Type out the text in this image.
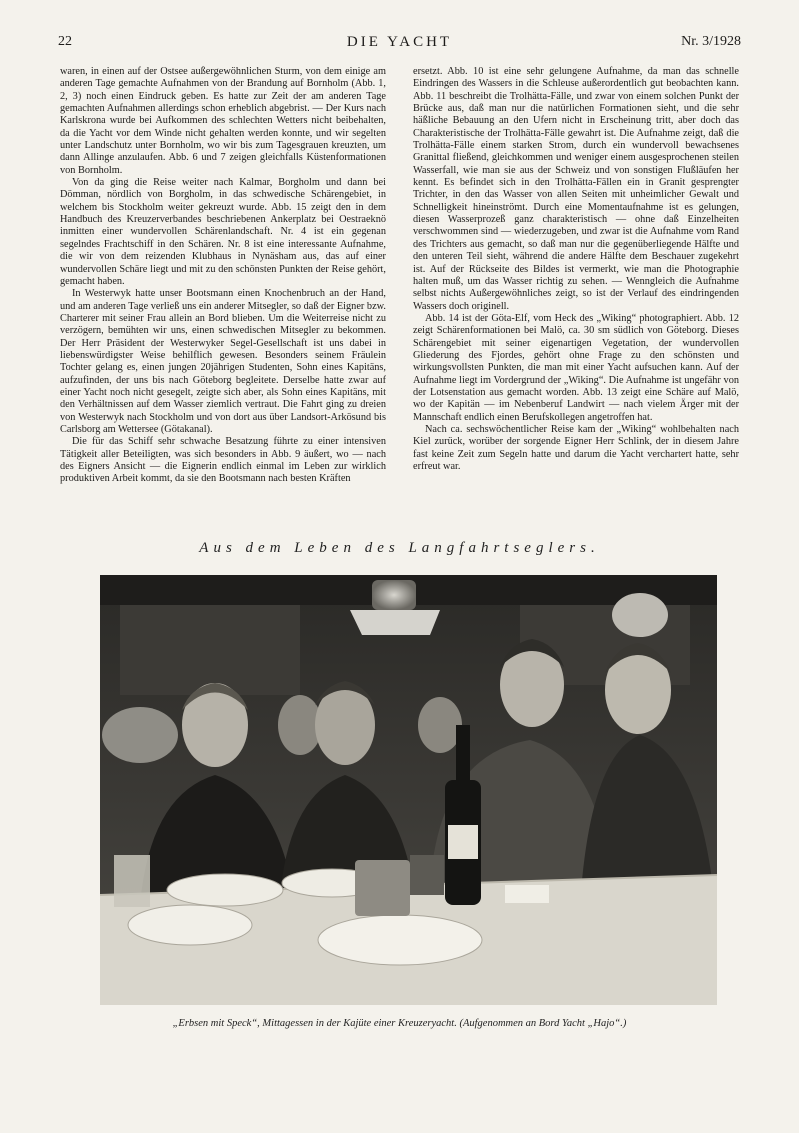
22	DIE YACHT	Nr. 3/1928

waren, in einen auf der Ostsee außergewöhnlichen Sturm, von dem einige am anderen Tage gemachte Aufnahmen von der Brandung auf Bornholm (Abb. 1, 2, 3) noch einen Eindruck geben. Es hatte zur Zeit der am anderen Tage gemachten Aufnahmen allerdings schon erheblich abgebrist. — Der Kurs nach Karlskrona wurde bei Aufkommen des schlechten Wetters nicht beibehalten, da die Yacht vor dem Winde nicht gehalten werden konnte, und wir segelten unter Landschutz unter Bornholm, wo wir bis zum Tagesgrauen kreuzten, um dann Allinge anzulaufen. Abb. 6 und 7 zeigen gleichfalls Küstenformationen von Bornholm.

Von da ging die Reise weiter nach Kalmar, Borgholm und dann bei Dömman, nördlich von Borgholm, in das schwedische Schärengebiet, in welchem bis Stockholm weiter gekreuzt wurde. Abb. 15 zeigt den in dem Handbuch des Kreuzerverbandes beschriebenen Ankerplatz bei Oestraeknö inmitten einer wundervollen Schärenlandschaft. Nr. 4 ist ein gegenan segelndes Frachtschiff in den Schären. Nr. 8 ist eine interessante Aufnahme, die wir von dem reizenden Klubhaus in Nynäsham aus, das auf einer wundervollen Schäre liegt und mit zu den schönsten Punkten der Reise gehört, gemacht haben.

In Westerwyk hatte unser Bootsmann einen Knochenbruch an der Hand, und am anderen Tage verließ uns ein anderer Mitsegler, so daß der Eigner bzw. Charterer mit seiner Frau allein an Bord blieben. Um die Weiterreise nicht zu verzögern, bemühten wir uns, einen schwedischen Mitsegler zu bekommen. Der Herr Präsident der Westerwyker Segel-Gesellschaft ist uns dabei in liebenswürdigster Weise behilflich gewesen. Besonders seinem Fräulein Tochter gelang es, einen jungen 20jährigen Studenten, Sohn eines Kapitäns, aufzufinden, der uns bis nach Göteborg begleitete. Derselbe hatte zwar auf einer Yacht noch nicht gesegelt, zeigte sich aber, als Sohn eines Kapitäns, mit den Verhältnissen auf dem Wasser ziemlich vertraut. Die Fahrt ging zu dreien von Westerwyk nach Stockholm und von dort aus über Landsort-Arkösund bis Carlsborg am Wettersee (Götakanal).

Die für das Schiff sehr schwache Besatzung führte zu einer intensiven Tätigkeit aller Beteiligten, was sich besonders in Abb. 9 äußert, wo — nach des Eigners Ansicht — die Eignerin endlich einmal im Leben zur wirklich produktiven Arbeit kommt, da sie den Bootsmann nach besten Kräften

ersetzt. Abb. 10 ist eine sehr gelungene Aufnahme, da man das schnelle Eindringen des Wassers in die Schleuse außerordentlich gut beobachten kann. Abb. 11 beschreibt die Trolhätta-Fälle, und zwar von einem solchen Punkt der Brücke aus, daß man nur die natürlichen Formationen sieht, und die sehr häßliche Bebauung an den Ufern nicht in Erscheinung tritt, aber doch das Charakteristische der Trolhätta-Fälle gewahrt ist. Die Aufnahme zeigt, daß die Trolhätta-Fälle einem starken Strom, durch ein wundervoll bewachsenes Granittal fließend, gleichkommen und weniger einem ausgesprochenen steilen Wasserfall, wie man sie aus der Schweiz und von sonstigen Flußläufen her kennt. Es befindet sich in den Trolhätta-Fällen ein in Granit gesprengter Trichter, in den das Wasser von allen Seiten mit unheimlicher Gewalt und Schnelligkeit hineinströmt. Durch eine Momentaufnahme ist es gelungen, diesen Wasserprozeß ganz charakteristisch — ohne daß Einzelheiten verschwommen sind — wiederzugeben, und zwar ist die Aufnahme vom Rand des Trichters aus gemacht, so daß man nur die gegenüberliegende Hälfte und den unteren Teil sieht, während die andere Hälfte dem Beschauer zugekehrt ist. Auf der Rückseite des Bildes ist vermerkt, wie man die Photographie halten muß, um das Wasser richtig zu sehen. — Wenngleich die Aufnahme selbst nichts Außergewöhnliches zeigt, so ist der Verlauf des eindringenden Wassers doch originell.

Abb. 14 ist der Göta-Elf, vom Heck des „Wiking“ photographiert. Abb. 12 zeigt Schärenformationen bei Malö, ca. 30 sm südlich von Göteborg. Dieses Schärengebiet mit seiner eigenartigen Vegetation, der wundervollen Gliederung des Fjordes, gehört ohne Frage zu den schönsten und wirkungsvollsten Punkten, die man mit einer Yacht aufsuchen kann. Auf der Aufnahme liegt im Vordergrund der „Wiking“. Die Aufnahme ist ungefähr von der Lotsenstation aus gemacht worden. Abb. 13 zeigt eine Schäre auf Malö, wo der Kapitän — im Nebenberuf Landwirt — nach vielem Ärger mit der Mannschaft endlich einen Berufskollegen angetroffen hat.

Nach ca. sechswöchentlicher Reise kam der „Wiking“ wohlbehalten nach Kiel zurück, worüber der sorgende Eigner Herr Schlink, der in diesem Jahre fast keine Zeit zum Segeln hatte und darum die Yacht verchartert hatte, sehr erfreut war.

Aus dem Leben des Langfahrtseglers.
„Erbsen mit Speck“, Mittagessen in der Kajüte einer Kreuzeryacht. (Aufgenommen an Bord Yacht „Hajo“.)
